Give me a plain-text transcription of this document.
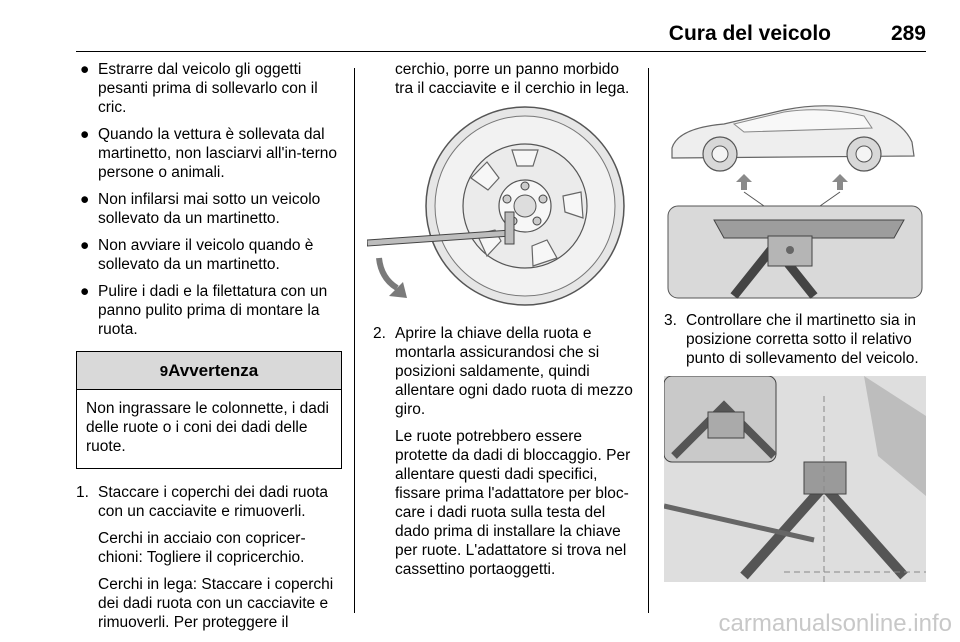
Cura del veicolo	289
● Estrarre dal veicolo gli oggetti pesanti prima di sollevarlo con il cric.
● Quando la vettura è sollevata dal martinetto, non lasciarvi all'in-terno persone o animali.
● Non infilarsi mai sotto un veicolo sollevato da un martinetto.
● Non avviare il veicolo quando è sollevato da un martinetto.
● Pulire i dadi e la filettatura con un panno pulito prima di montare la ruota.
9Avvertenza
Non ingrassare le colonnette, i dadi delle ruote o i coni dei dadi delle ruote.
1. Staccare i coperchi dei dadi ruota con un cacciavite e rimuoverli.
Cerchi in acciaio con copricer-chioni: Togliere il copricerchio.
Cerchi in lega: Staccare i coperchi dei dadi ruota con un cacciavite e rimuoverli. Per proteggere il
cerchio, porre un panno morbido tra il cacciavite e il cerchio in lega.
2. Aprire la chiave della ruota e montarla assicurandosi che si posizioni saldamente, quindi allentare ogni dado ruota di mezzo giro.
Le ruote potrebbero essere protette da dadi di bloccaggio. Per allentare questi dadi specifici, fissare prima l'adattatore per bloc-care i dadi ruota sulla testa del dado prima di installare la chiave per ruote. L'adattatore si trova nel cassettino portaoggetti.
3. Controllare che il martinetto sia in posizione corretta sotto il relativo punto di sollevamento del veicolo.
carmanualsonline.info
